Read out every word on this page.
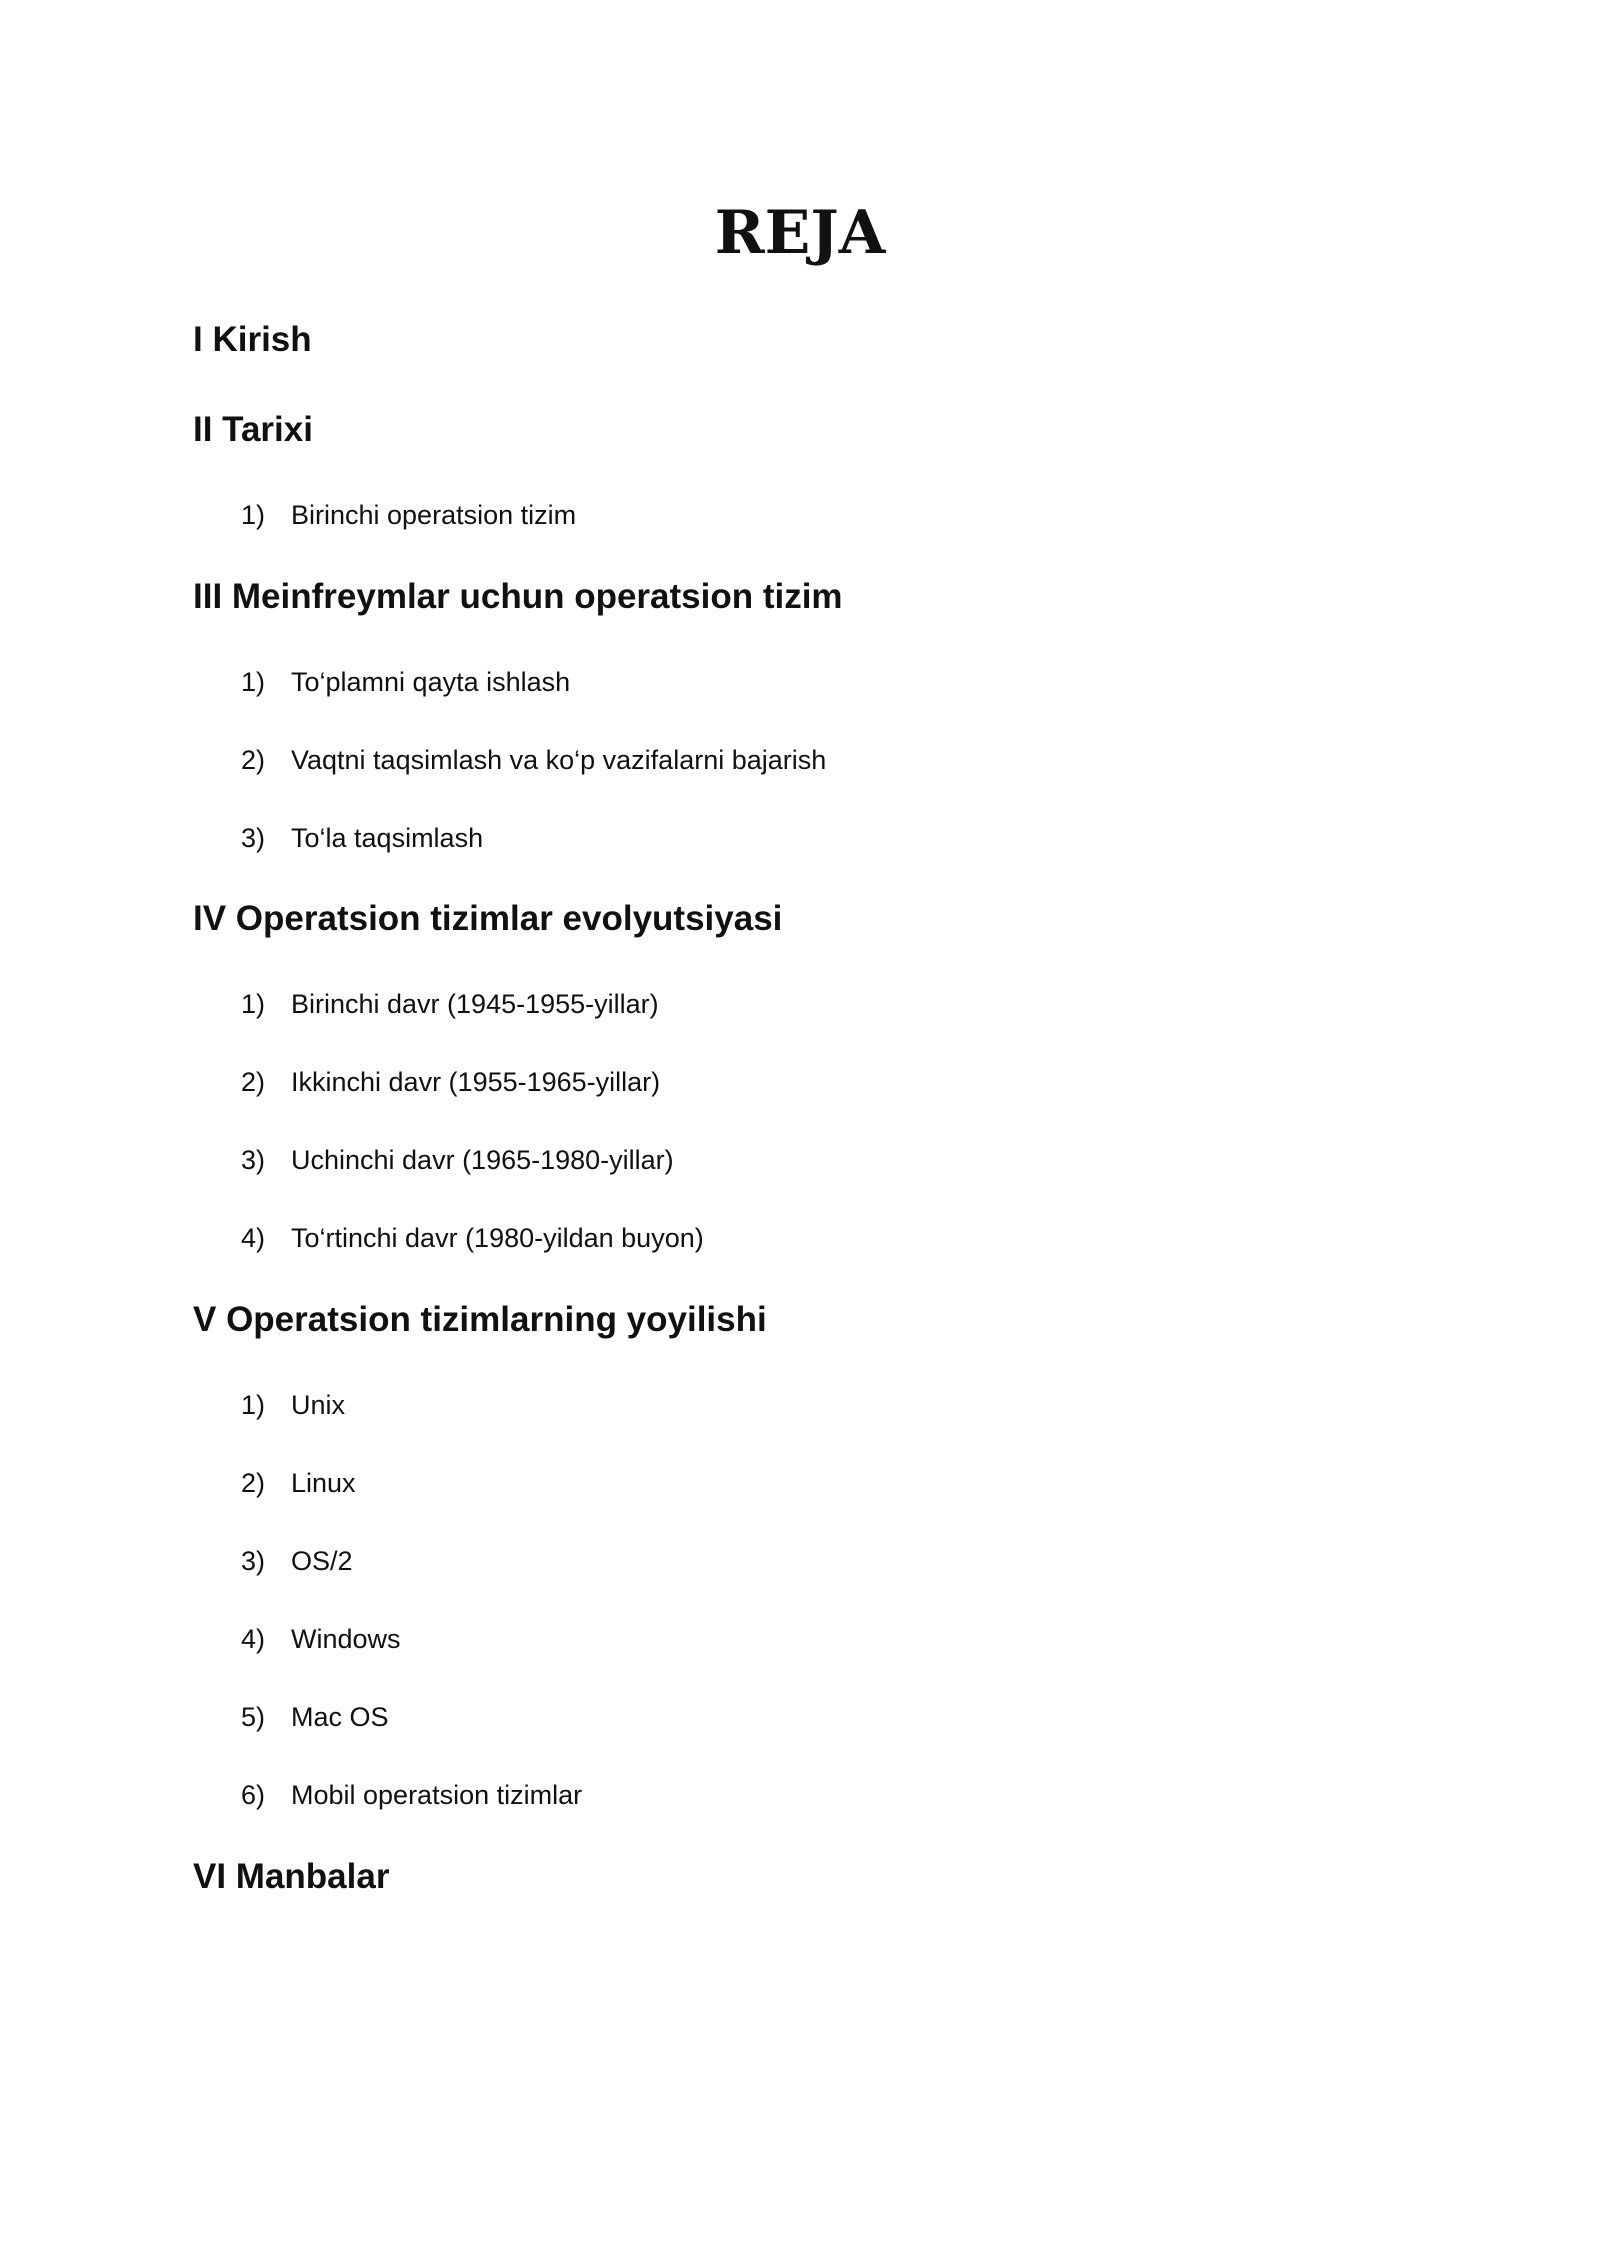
REJA
I Kirish
II Tarixi
1) Birinchi operatsion tizim
III Meinfreymlar uchun operatsion tizim
1) To‘plamni qayta ishlash
2) Vaqtni taqsimlash va ko‘p vazifalarni bajarish
3) To‘la taqsimlash
IV Operatsion tizimlar evolyutsiyasi
1) Birinchi davr (1945-1955-yillar)
2) Ikkinchi davr (1955-1965-yillar)
3) Uchinchi davr (1965-1980-yillar)
4) To‘rtinchi davr (1980-yildan buyon)
V Operatsion tizimlarning yoyilishi
1) Unix
2) Linux
3) OS/2
4) Windows
5) Mac OS
6) Mobil operatsion tizimlar
VI Manbalar
